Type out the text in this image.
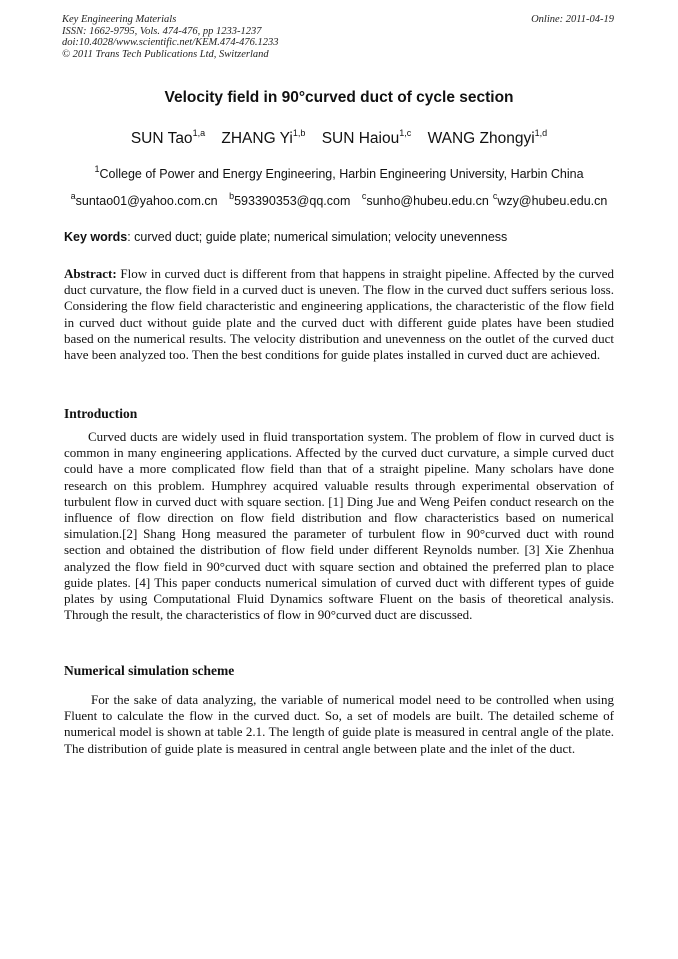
Key Engineering Materials
ISSN: 1662-9795, Vols. 474-476, pp 1233-1237
doi:10.4028/www.scientific.net/KEM.474-476.1233
© 2011 Trans Tech Publications Ltd, Switzerland
Online: 2011-04-19
Velocity field in 90°curved duct of cycle section
SUN Tao$^{1,a}$ ZHANG Yi$^{1,b}$ SUN Haiou$^{1,c}$ WANG Zhongyi$^{1,d}$
$^1$College of Power and Energy Engineering, Harbin Engineering University, Harbin China
$^a$suntao01@yahoo.com.cn $^b$593390353@qq.com $^c$sunho@hubeu.edu.cn $^c$wzy@hubeu.edu.cn
Key words: curved duct; guide plate; numerical simulation; velocity unevenness

Abstract: Flow in curved duct is different from that happens in straight pipeline. Affected by the curved duct curvature, the flow field in a curved duct is uneven. The flow in the curved duct suffers serious loss. Considering the flow field characteristic and engineering applications, the characteristic of the flow field in curved duct without guide plate and the curved duct with different guide plates have been studied based on the numerical results. The velocity distribution and unevenness on the outlet of the curved duct have been analyzed too. Then the best conditions for guide plates installed in curved duct are achieved.

Introduction

Curved ducts are widely used in fluid transportation system. The problem of flow in curved duct is common in many engineering applications. Affected by the curved duct curvature, a simple curved duct could have a more complicated flow field than that of a straight pipeline. Many scholars have done research on this problem. Humphrey acquired valuable results through experimental observation of turbulent flow in curved duct with square section. [1] Ding Jue and Weng Peifen conduct research on the influence of flow direction on flow field distribution and flow characteristics based on numerical simulation.[2] Shang Hong measured the parameter of turbulent flow in 90°curved duct with round section and obtained the distribution of flow field under different Reynolds number. [3] Xie Zhenhua analyzed the flow field in 90°curved duct with square section and obtained the preferred plan to place guide plates. [4] This paper conducts numerical simulation of curved duct with different types of guide plates by using Computational Fluid Dynamics software Fluent on the basis of theoretical analysis. Through the result, the characteristics of flow in 90°curved duct are discussed.

Numerical simulation scheme

For the sake of data analyzing, the variable of numerical model need to be controlled when using Fluent to calculate the flow in the curved duct. So, a set of models are built. The detailed scheme of numerical model is shown at table 2.1. The length of guide plate is measured in central angle of the plate. The distribution of guide plate is measured in central angle between plate and the inlet of the duct.
